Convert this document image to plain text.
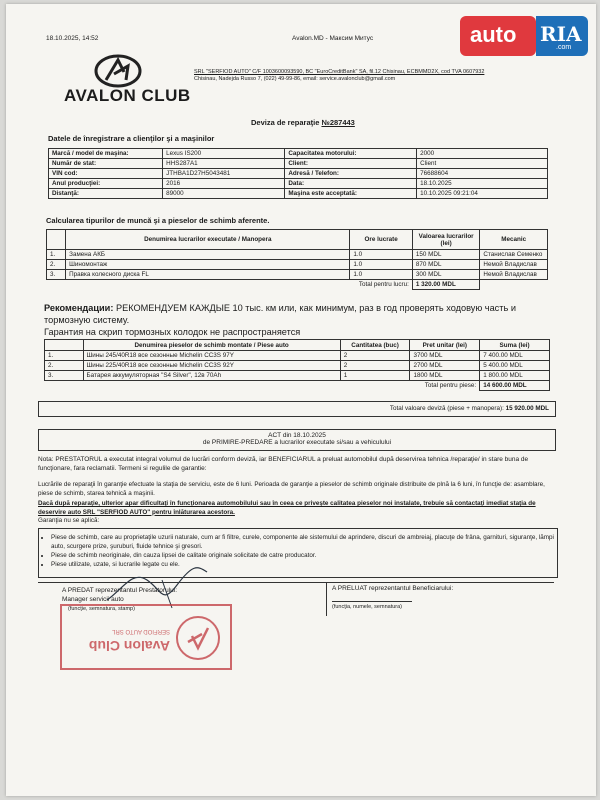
18.10.2025, 14:52	Avalon.MD - Максим Митус	auto RIA
.com
AVALON CLUB
SRL "SERFIOD AUTO" C/F 1003600093590, BC "EuroCreditBank" SA, fil.12 Chisinau, ECBMMD2X, cod TVA 0607932
Chisinau, Nadejda Russo 7, (022) 49-99-86, email: service.avalonclub@gmail.com
Deviza de reparaţie №287443
Datele de înregistrare a clienţilor şi a maşinilor
Marcă / model de maşina:	Lexus IS200	Capacitatea motorului:	2000
Număr de stat:	HHS287A1	Client:	Client
VIN cod:	JTHBA1D27H5043481	Adresă / Telefon:	76688604
Anul producţiei:	2016	Data:	18.10.2025
Distanţă:	89000	Maşina este acceptată:	10.10.2025 09:21:04
Calcularea tipurilor de muncă şi a pieselor de schimb aferente.
	Denumirea lucrarilor executate / Manopera	Ore lucrate	Valoarea lucrarilor (lei)	Mecanic
1.	Замена АКБ	1.0	150 MDL	Станислав Семенко
2.	Шиномонтаж	1.0	870 MDL	Немой Владислав
3.	Правка колесного диска FL	1.0	300 MDL	Немой Владислав
Total pentru lucru:			1 320.00 MDL	
Рекомендации: РЕКОМЕНДУЕМ КАЖДЫЕ 10 тыс. км или, как минимум, раз в год проверять ходовую часть и тормозную систему.
Гарантия на скрип тормозных колодок не распространяется
	Denumirea pieselor de schimb montate / Piese auto	Cantitatea (buc)	Pret unitar (lei)	Suma (lei)
1.	Шины 245/40R18 все сезонные Michelin CC3S 97Y	2	3700 MDL	7 400.00 MDL
2.	Шины 225/40R18 все сезонные Michelin CC3S 92Y	2	2700 MDL	5 400.00 MDL
3.	Батарея аккумуляторная "S4 Silver", 12в 70Ah	1	1800 MDL	1 800.00 MDL
			Total pentru piese:	14 600.00 MDL
Total valoare devizā (piese + manopera): 15 920.00 MDL
ACT din 18.10.2025
de PRIMIRE-PREDARE a lucrarilor executate si/sau a vehiculului
Nota: PRESTATORUL a executat integral volumul de lucrări conform deviză, iar BENEFICIARUL a preluat automobilul după deservirea tehnica /reparaţie/ in stare buna de funcţionare, fara reclamatii. Termeni si regulile de garantie:
Lucrările de reparaţii în garanţie efectuate la staţia de serviciu, este de 6 luni. Perioada de garanţie a pieselor de schimb originale distribuite de plnă la 6 luni, în funcţie de: asamblare, piese de schimb, starea tehnică a maşinii.
Dacă după reparaţie, ulterior apar dificultaţi în funcţionarea automobilului sau în ceea ce priveşte calitatea pieselor noi instalate, trebuie să contactaţi imediat staţia de deservire auto SRL "SERFIOD AUTO" pentru înlăturarea acestora.
Garanţia nu se aplică:
• Piese de schimb, care au proprietaţile uzurii naturale, cum ar fi filtre, curele, componente ale sistemului de aprindere, discuri de ambreiaj, placuţe de frâna, garnituri, siguranţe, lămpi auto, scurgere prize, şuruburi, fluide tehnice şi gresori.
• Piese de schimb neoriginale, din cauza lipsei de calitate originale solicitate de catre producator.
• Piese utilizate, uzate, si lucrarile legate cu ele.
A PREDAT reprezentantul Prestatorului:
Manager servicii auto
(funcţie, semnatura, stamp)
A PRELUAT reprezentantul Beneficiarului:
(funcţia, numele, semnatura)
Avalon Club
SERFIOD AUTO SRL
